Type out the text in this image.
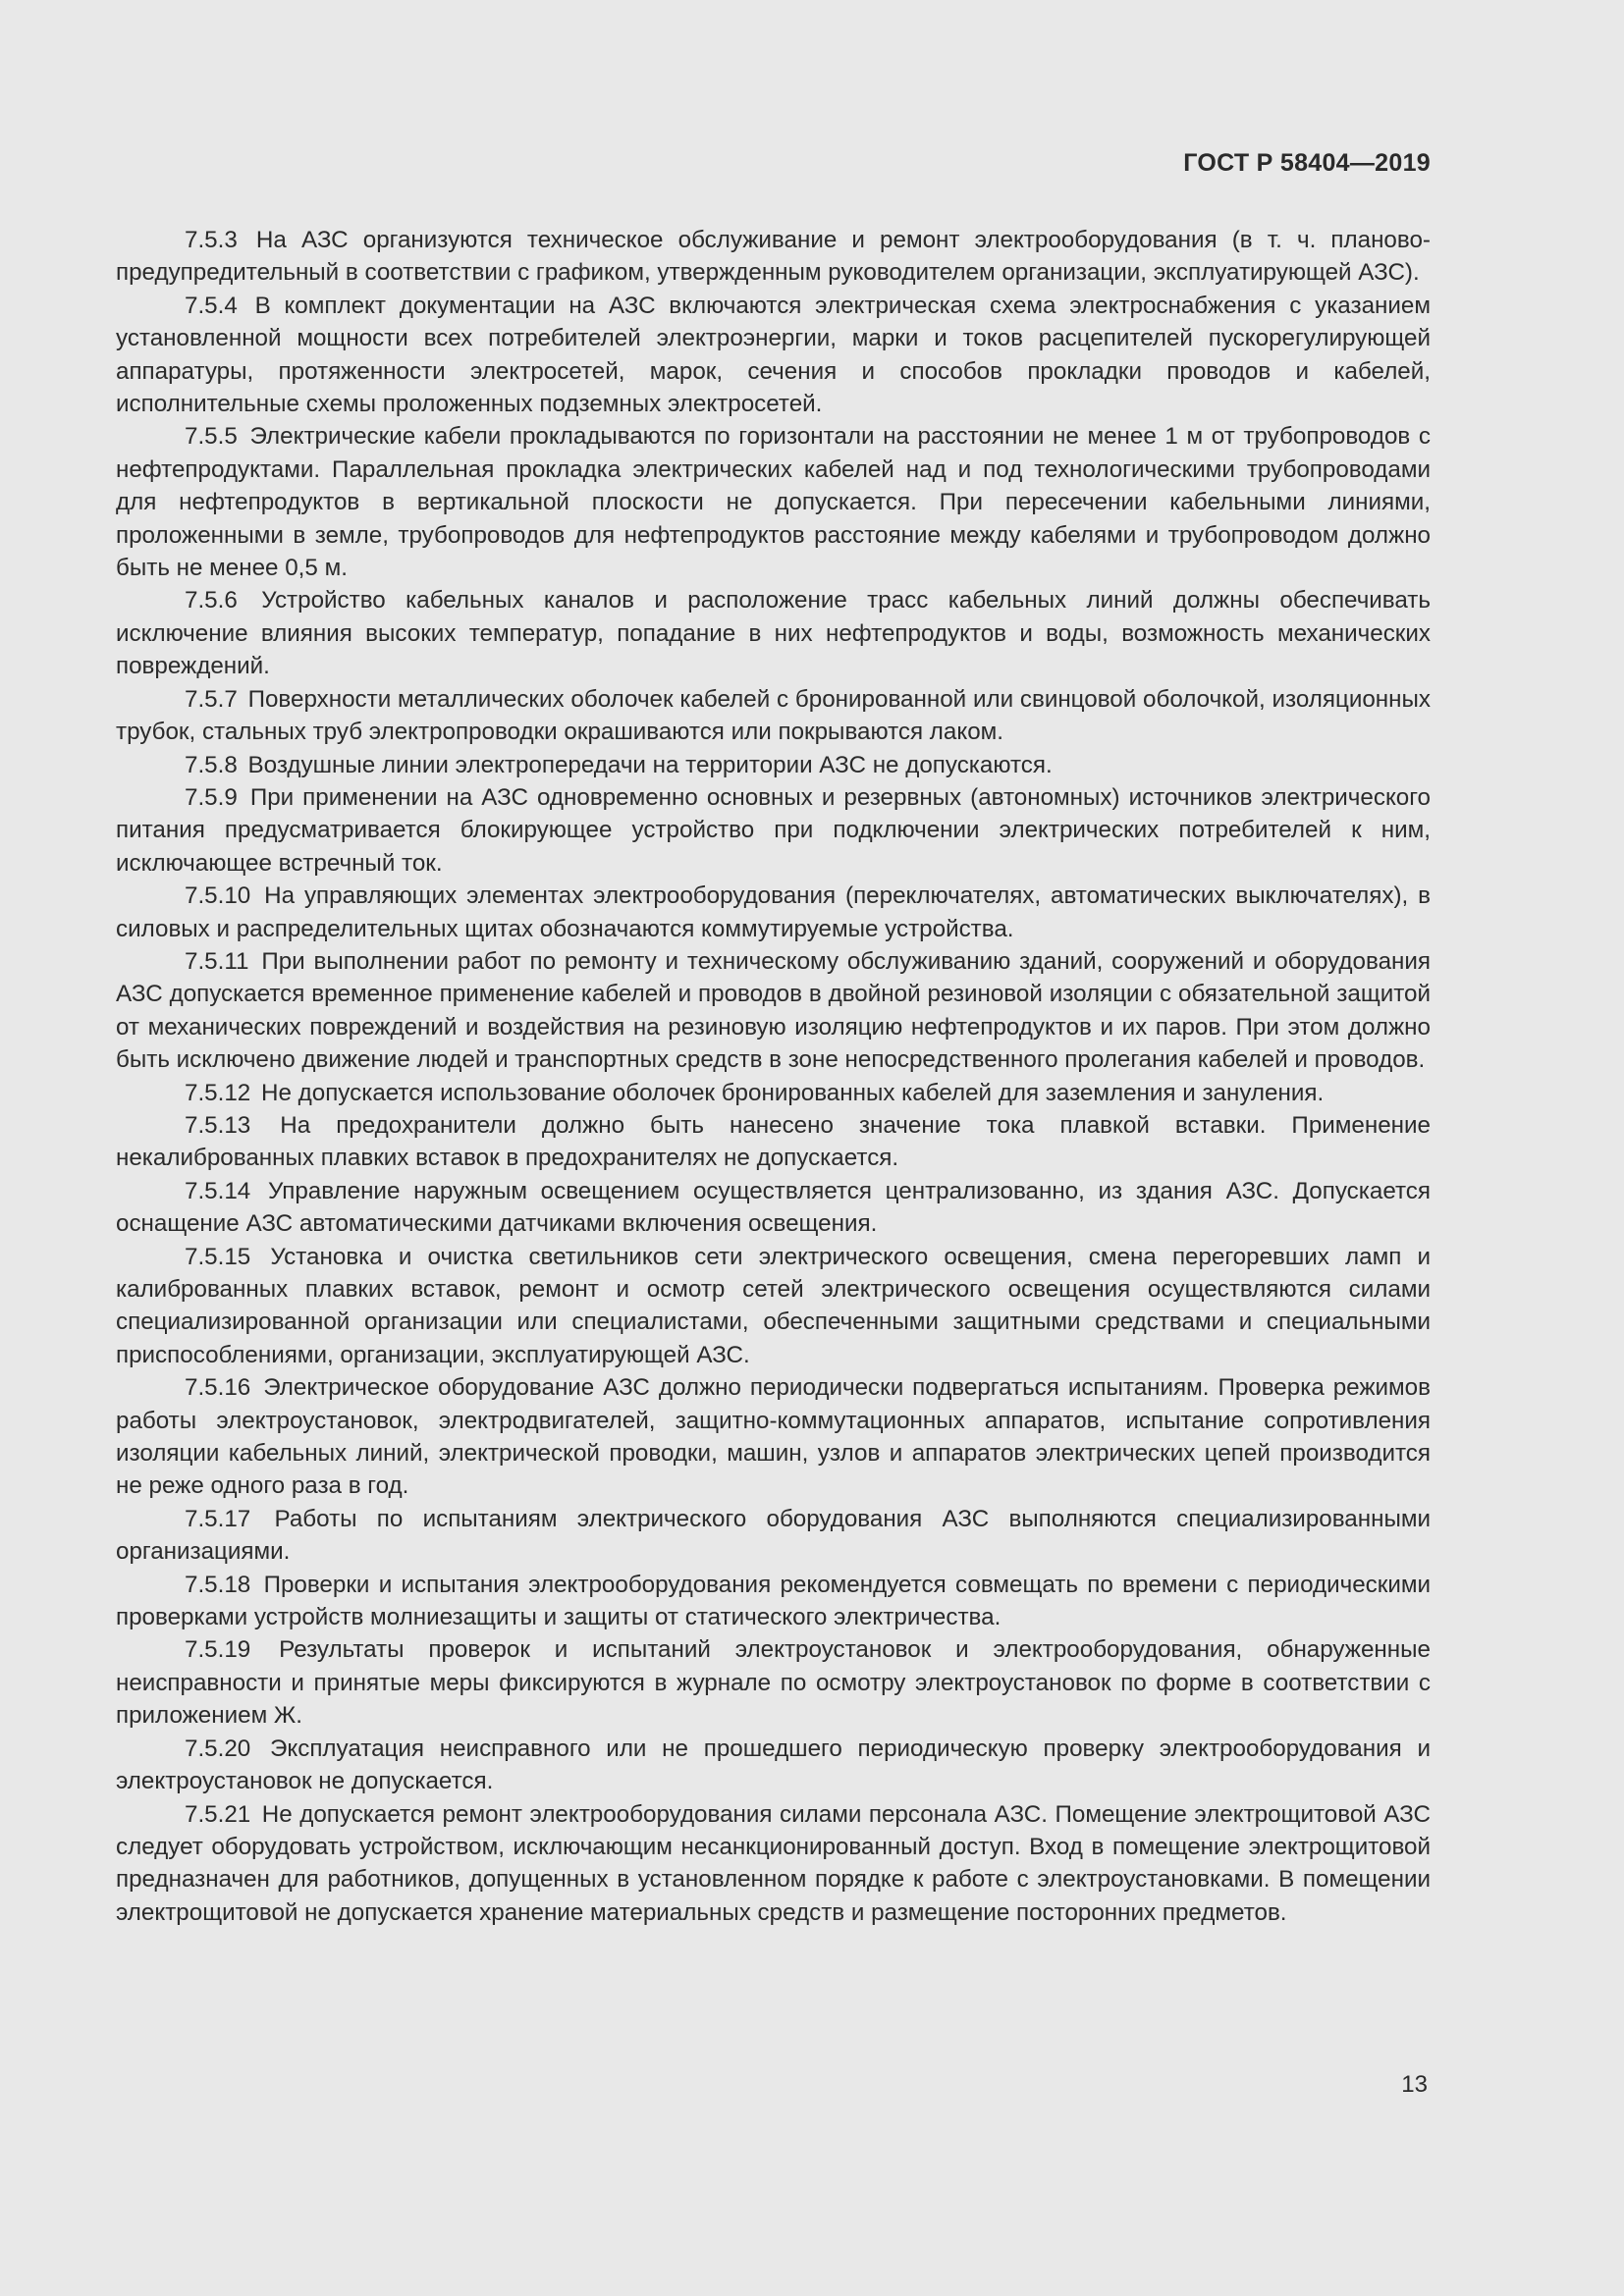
ГОСТ Р 58404—2019

7.5.3 На АЗС организуются техническое обслуживание и ремонт электрооборудования (в т. ч. планово-предупредительный в соответствии с графиком, утвержденным руководителем организации, эксплуатирующей АЗС).

7.5.4 В комплект документации на АЗС включаются электрическая схема электроснабжения с указанием установленной мощности всех потребителей электроэнергии, марки и токов расцепителей пускорегулирующей аппаратуры, протяженности электросетей, марок, сечения и способов прокладки проводов и кабелей, исполнительные схемы проложенных подземных электросетей.

7.5.5 Электрические кабели прокладываются по горизонтали на расстоянии не менее 1 м от трубопроводов с нефтепродуктами. Параллельная прокладка электрических кабелей над и под технологическими трубопроводами для нефтепродуктов в вертикальной плоскости не допускается. При пересечении кабельными линиями, проложенными в земле, трубопроводов для нефтепродуктов расстояние между кабелями и трубопроводом должно быть не менее 0,5 м.

7.5.6 Устройство кабельных каналов и расположение трасс кабельных линий должны обеспечивать исключение влияния высоких температур, попадание в них нефтепродуктов и воды, возможность механических повреждений.

7.5.7 Поверхности металлических оболочек кабелей с бронированной или свинцовой оболочкой, изоляционных трубок, стальных труб электропроводки окрашиваются или покрываются лаком.

7.5.8 Воздушные линии электропередачи на территории АЗС не допускаются.

7.5.9 При применении на АЗС одновременно основных и резервных (автономных) источников электрического питания предусматривается блокирующее устройство при подключении электрических потребителей к ним, исключающее встречный ток.

7.5.10 На управляющих элементах электрооборудования (переключателях, автоматических выключателях), в силовых и распределительных щитах обозначаются коммутируемые устройства.

7.5.11 При выполнении работ по ремонту и техническому обслуживанию зданий, сооружений и оборудования АЗС допускается временное применение кабелей и проводов в двойной резиновой изоляции с обязательной защитой от механических повреждений и воздействия на резиновую изоляцию нефтепродуктов и их паров. При этом должно быть исключено движение людей и транспортных средств в зоне непосредственного пролегания кабелей и проводов.

7.5.12 Не допускается использование оболочек бронированных кабелей для заземления и зануления.

7.5.13 На предохранители должно быть нанесено значение тока плавкой вставки. Применение некалиброванных плавких вставок в предохранителях не допускается.

7.5.14 Управление наружным освещением осуществляется централизованно, из здания АЗС. Допускается оснащение АЗС автоматическими датчиками включения освещения.

7.5.15 Установка и очистка светильников сети электрического освещения, смена перегоревших ламп и калиброванных плавких вставок, ремонт и осмотр сетей электрического освещения осуществляются силами специализированной организации или специалистами, обеспеченными защитными средствами и специальными приспособлениями, организации, эксплуатирующей АЗС.

7.5.16 Электрическое оборудование АЗС должно периодически подвергаться испытаниям. Проверка режимов работы электроустановок, электродвигателей, защитно-коммутационных аппаратов, испытание сопротивления изоляции кабельных линий, электрической проводки, машин, узлов и аппаратов электрических цепей производится не реже одного раза в год.

7.5.17 Работы по испытаниям электрического оборудования АЗС выполняются специализированными организациями.

7.5.18 Проверки и испытания электрооборудования рекомендуется совмещать по времени с периодическими проверками устройств молниезащиты и защиты от статического электричества.

7.5.19 Результаты проверок и испытаний электроустановок и электрооборудования, обнаруженные неисправности и принятые меры фиксируются в журнале по осмотру электроустановок по форме в соответствии с приложением Ж.

7.5.20 Эксплуатация неисправного или не прошедшего периодическую проверку электрооборудования и электроустановок не допускается.

7.5.21 Не допускается ремонт электрооборудования силами персонала АЗС. Помещение электрощитовой АЗС следует оборудовать устройством, исключающим несанкционированный доступ. Вход в помещение электрощитовой предназначен для работников, допущенных в установленном порядке к работе с электроустановками. В помещении электрощитовой не допускается хранение материальных средств и размещение посторонних предметов.

13
